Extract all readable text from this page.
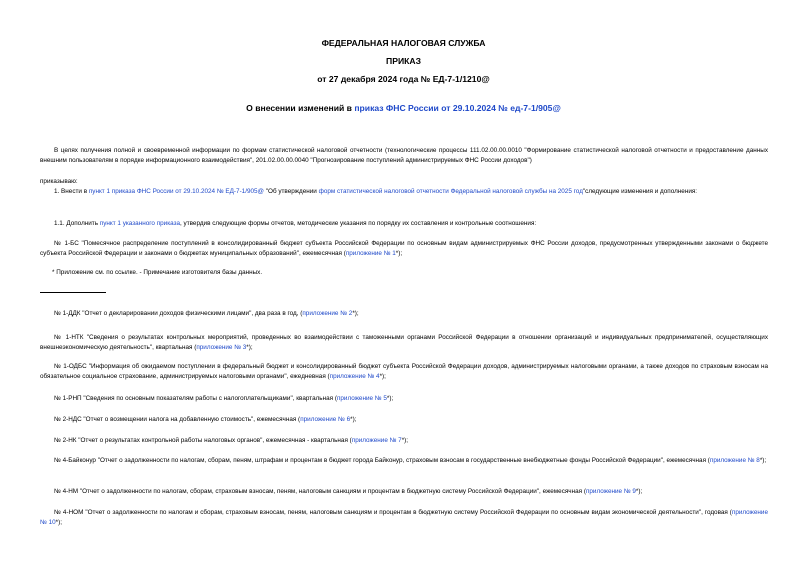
ФЕДЕРАЛЬНАЯ НАЛОГОВАЯ СЛУЖБА
ПРИКАЗ
от 27 декабря 2024 года № ЕД-7-1/1210@
О внесении изменений в приказ ФНС России от 29.10.2024 № ед-7-1/905@
В целях получения полной и своевременной информации по формам статистической налоговой отчетности (технологические процессы 111.02.00.00.0010 "Формирование статистической налоговой отчетности и предоставление данных внешним пользователям в порядке информационного взаимодействия", 201.02.00.00.0040 "Прогнозирование поступлений администрируемых ФНС России доходов")
приказываю:
1. Внести в пункт 1 приказа ФНС России от 29.10.2024 № ЕД-7-1/905@ "Об утверждении форм статистической налоговой отчетности Федеральной налоговой службы на 2025 год"следующие изменения и дополнения:
1.1. Дополнить пункт 1 указанного приказа, утвердив следующие формы отчетов, методические указания по порядку их составления и контрольные соотношения:
№ 1-БС "Помесячное распределение поступлений в консолидированный бюджет субъекта Российской Федерации по основным видам администрируемых ФНС России доходов, предусмотренных утвержденными законами о бюджете субъекта Российской Федерации и законами о бюджетах муниципальных образований", ежемесячная (приложение № 1*);
* Приложение см. по ссылке. - Примечание изготовителя базы данных.
№ 1-ДДК "Отчет о декларировании доходов физическими лицами", два раза в год, (приложение № 2*);
№ 1-НТК "Сведения о результатах контрольных мероприятий, проведенных во взаимодействии с таможенными органами Российской Федерации в отношении организаций и индивидуальных предпринимателей, осуществляющих внешнеэкономическую деятельность", квартальная (приложение № 3*);
№ 1-ОДБС "Информация об ожидаемом поступлении в федеральный бюджет и консолидированный бюджет субъекта Российской Федерации доходов, администрируемых налоговыми органами, а также доходов по страховым взносам на обязательное социальное страхование, администрируемых налоговыми органами", ежедневная (приложение № 4*);
№ 1-РНП "Сведения по основным показателям работы с налогоплательщиками", квартальная (приложение № 5*);
№ 2-НДС "Отчет о возмещении налога на добавленную стоимость", ежемесячная (приложение № 6*);
№ 2-НК "Отчет о результатах контрольной работы налоговых органов", ежемесячная - квартальная (приложение № 7*);
№ 4-Байконур "Отчет о задолженности по налогам, сборам, пеням, штрафам и процентам в бюджет города Байконур, страховым взносам в государственные внебюджетные фонды Российской Федерации", ежемесячная (приложение № 8*);
№ 4-НМ "Отчет о задолженности по налогам, сборам, страховым взносам, пеням, налоговым санкциям и процентам в бюджетную систему Российской Федерации", ежемесячная (приложение № 9*);
№ 4-НОМ "Отчет о задолженности по налогам и сборам, страховым взносам, пеням, налоговым санкциям и процентам в бюджетную систему Российской Федерации по основным видам экономической деятельности", годовая (приложение № 10*);
